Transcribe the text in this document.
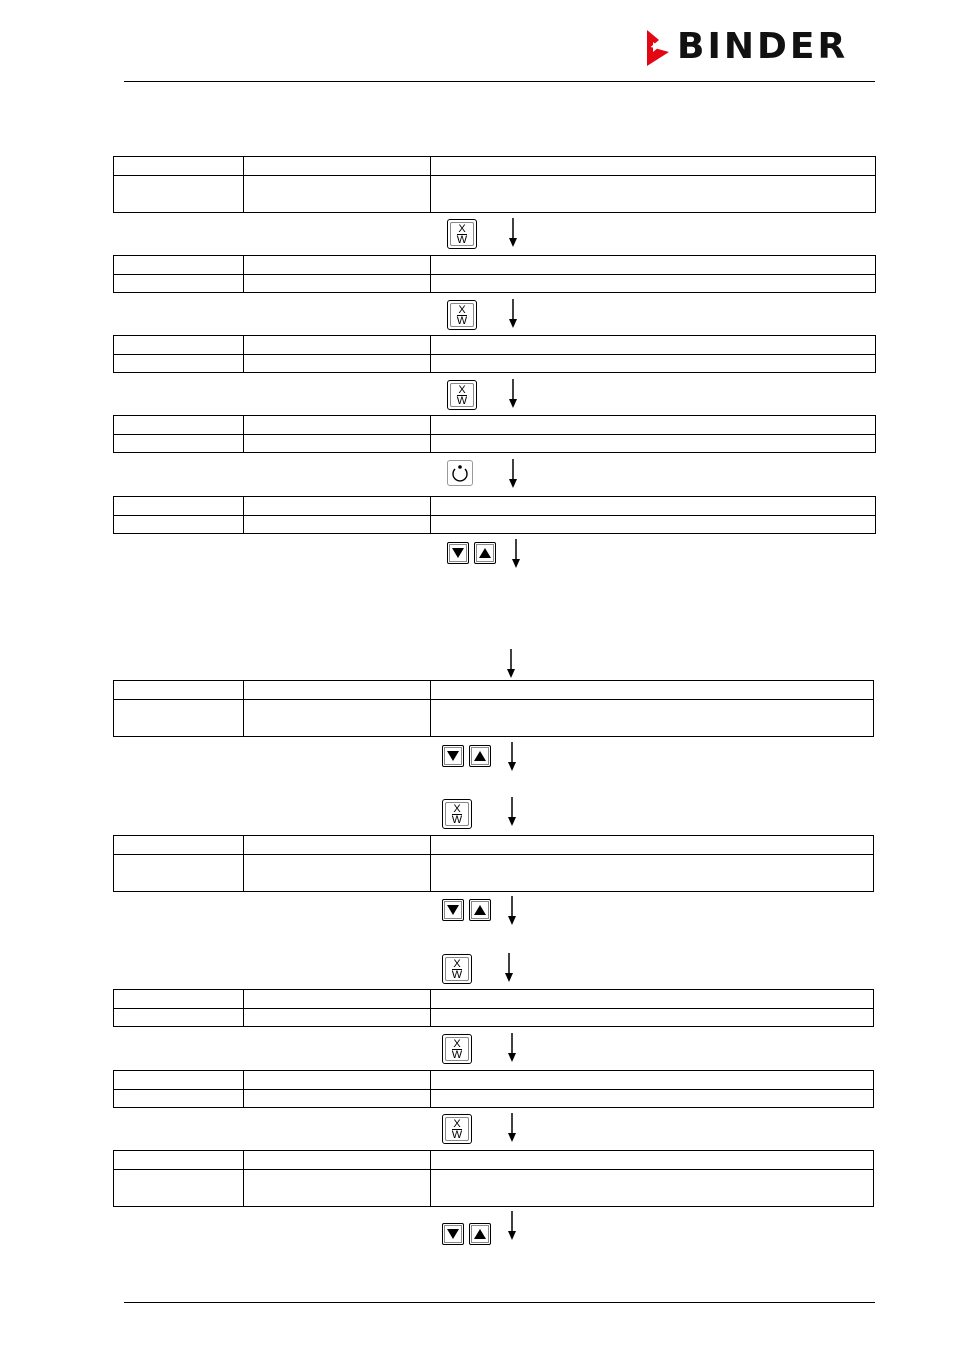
BINDER

X
W
X
W
X
W
X
W
X
W
X
W
X
W
